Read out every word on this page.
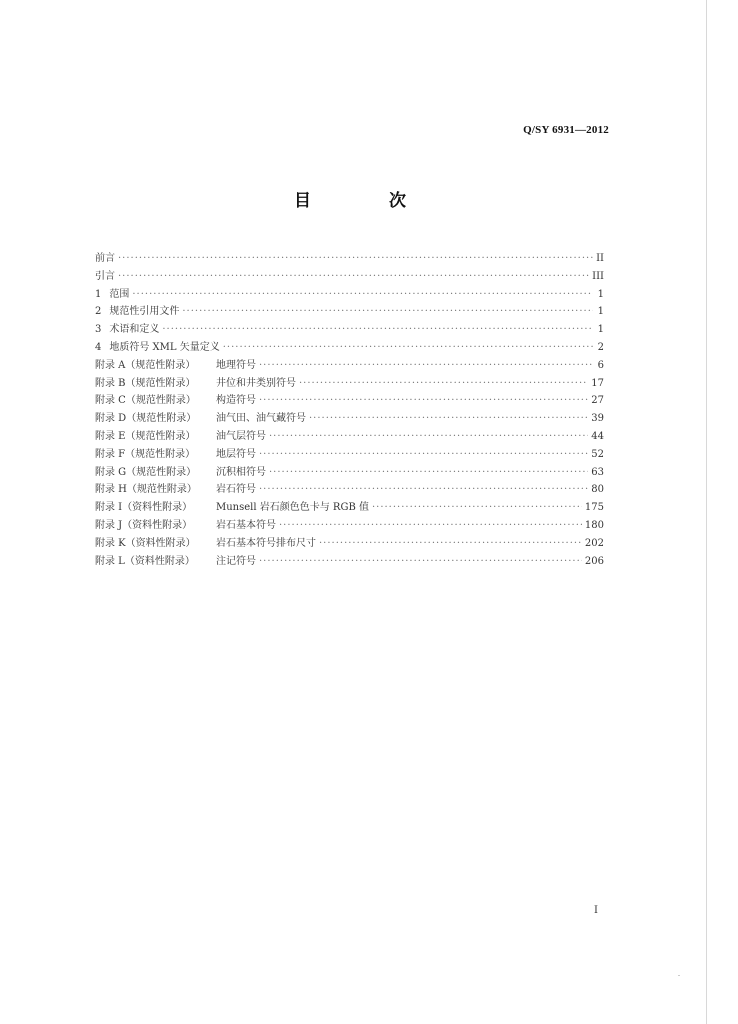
Q/SY 6931—2012
目 次
前言 ·····	II
引言 ·····	III
1 范围 ·····	1
2 规范性引用文件 ·····	1
3 术语和定义 ·····	1
4 地质符号 XML 矢量定义 ·····	2
附录 A（规范性附录）	地理符号 ·····	6
附录 B（规范性附录）	井位和井类别符号 ·····	17
附录 C（规范性附录）	构造符号 ·····	27
附录 D（规范性附录）	油气田、油气藏符号 ·····	39
附录 E（规范性附录）	油气层符号 ·····	44
附录 F（规范性附录）	地层符号 ·····	52
附录 G（规范性附录）	沉积相符号 ·····	63
附录 H（规范性附录）	岩石符号 ·····	80
附录 I（资料性附录）	Munsell 岩石颜色色卡与 RGB 值 ·····	175
附录 J（资料性附录）	岩石基本符号 ·····	180
附录 K（资料性附录）	岩石基本符号排布尺寸 ·····	202
附录 L（资料性附录）	注记符号 ·····	206
I
